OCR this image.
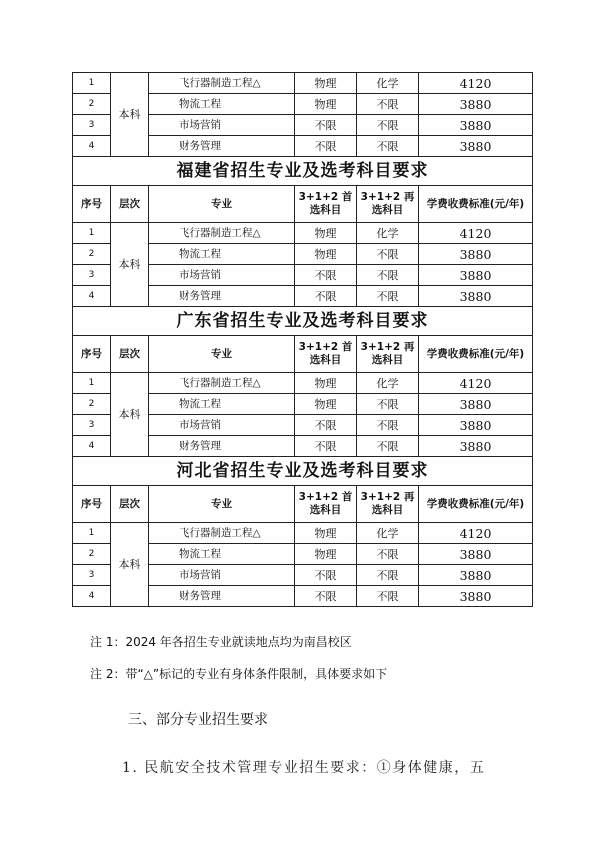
1	本科	飞行器制造工程△	物理	化学	4120
2		物流工程	物理	不限	3880
3		市场营销	不限	不限	3880
4		财务管理	不限	不限	3880
福建省招生专业及选考科目要求					
序号	层次	专业	3+1+2 首选科目	3+1+2 再选科目	学费收费标准(元/年)
1	本科	飞行器制造工程△	物理	化学	4120
2		物流工程	物理	不限	3880
3		市场营销	不限	不限	3880
4		财务管理	不限	不限	3880
广东省招生专业及选考科目要求					
序号	层次	专业	3+1+2 首选科目	3+1+2 再选科目	学费收费标准(元/年)
1	本科	飞行器制造工程△	物理	化学	4120
2		物流工程	物理	不限	3880
3		市场营销	不限	不限	3880
4		财务管理	不限	不限	3880
河北省招生专业及选考科目要求					
序号	层次	专业	3+1+2 首选科目	3+1+2 再选科目	学费收费标准(元/年)
1	本科	飞行器制造工程△	物理	化学	4120
2		物流工程	物理	不限	3880
3		市场营销	不限	不限	3880
4		财务管理	不限	不限	3880
注 1：2024 年各招生专业就读地点均为南昌校区
注 2：带“△”标记的专业有身体条件限制，具体要求如下
三、部分专业招生要求
1. 民航安全技术管理专业招生要求：①身体健康，五
